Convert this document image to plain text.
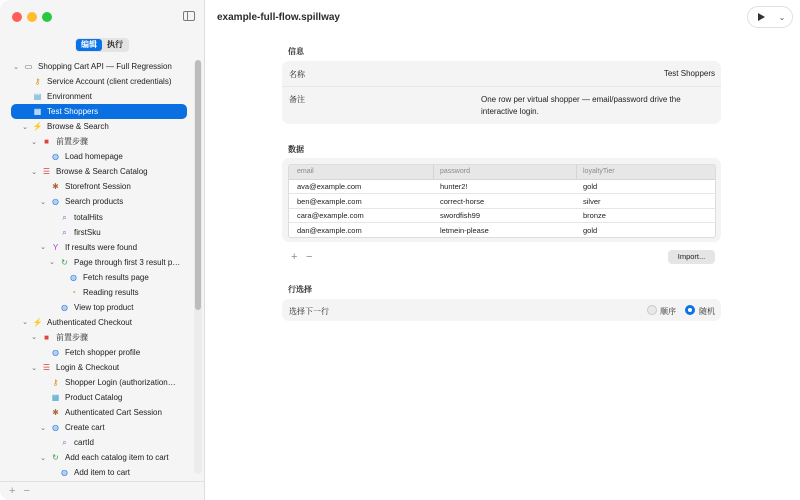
编辑	执行
⌄ ▭ Shopping Cart API — Full Regression
⚷ Service Account (client credentials)
▤ Environment
▦ Test Shoppers
⌄ ⚡ Browse & Search
⌄ ■ 前置步骤
◍ Load homepage
⌄ ☰ Browse & Search Catalog
✱ Storefront Session
⌄ ◍ Search products
⌕ totalHits
⌕ firstSku
⌄ Y If results were found
⌄ ↻ Page through first 3 result p…
◍ Fetch results page
◔ Reading results
◍ View top product
⌄ ⚡ Authenticated Checkout
⌄ ■ 前置步骤
◍ Fetch shopper profile
⌄ ☰ Login & Checkout
⚷ Shopper Login (authorization…
▦ Product Catalog
✱ Authenticated Cart Session
⌄ ◍ Create cart
⌕ cartId
⌄ ↻ Add each catalog item to cart
◍ Add item to cart
+ −
example-full-flow.spillway	⌄
信息
名称	Test Shoppers
备注	One row per virtual shopper — email/password drive the
interactive login.
数据
email	password	loyaltyTier
ava@example.com	hunter2!	gold
ben@example.com	correct-horse	silver
cara@example.com	swordfish99	bronze
dan@example.com	letmein-please	gold
+ −	Import...
行选择
选择下一行	顺序	随机
